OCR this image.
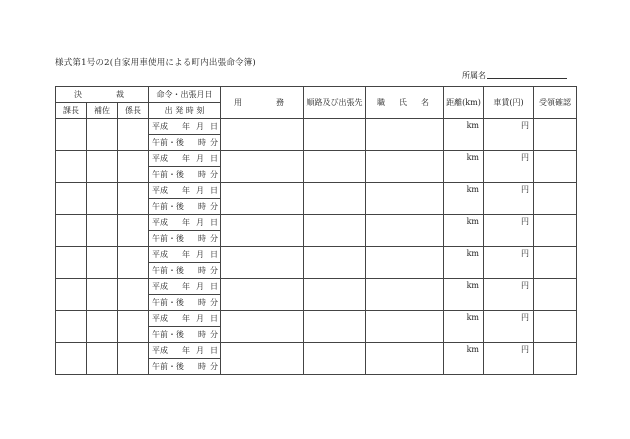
様式第1号の2(自家用車使用による町内出張命令簿)
所属名
決　　裁			命令・出張月日	用　　務	順路及び出張先	職　氏　名	距離(km)	車賃(円)	受領確認
課長	補佐	係長	出 発 時 刻						
			平成 年 月 日				km	円	
			午前・後 時 分						
			平成 年 月 日				km	円	
			午前・後 時 分						
			平成 年 月 日				km	円	
			午前・後 時 分						
			平成 年 月 日				km	円	
			午前・後 時 分						
			平成 年 月 日				km	円	
			午前・後 時 分						
			平成 年 月 日				km	円	
			午前・後 時 分						
			平成 年 月 日				km	円	
			午前・後 時 分						
			平成 年 月 日				km	円	
			午前・後 時 分						
